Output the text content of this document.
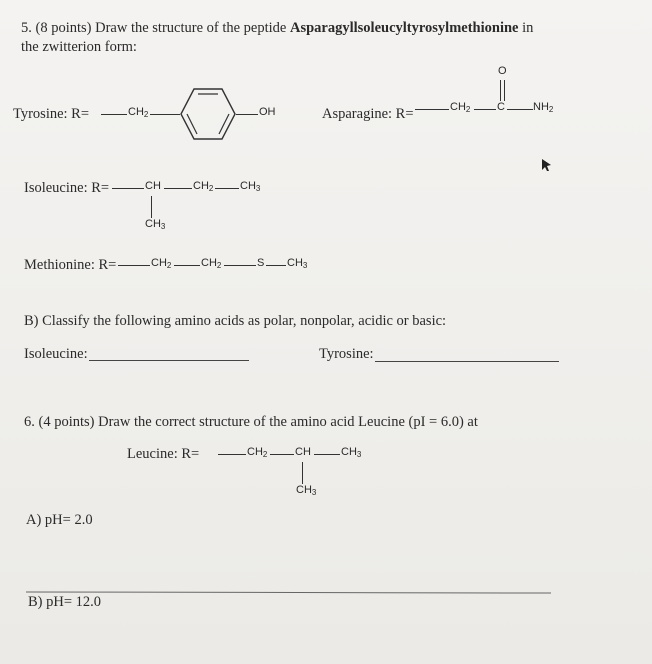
5. (8 points) Draw the structure of the peptide Asparagyllsoleucyltyrosylmethionine in
the zwitterion form:
Tyrosine: R=	$CH_2$	OH	Asparagine: R=	$CH_2$ C
O
$NH_2$
Isoleucine: R=	CH	$CH_2$ $CH_3$
$CH_3$
Methionine: R=	$CH_2$	$CH_2$	S $CH_3$
B) Classify the following amino acids as polar, nonpolar, acidic or basic:
Isoleucine:	Tyrosine:
6. (4 points) Draw the correct structure of the amino acid Leucine (pI = 6.0) at
Leucine: R=	$CH_2$	CH	$CH_3$
$CH_3$
A) pH= 2.0
B) pH= 12.0
